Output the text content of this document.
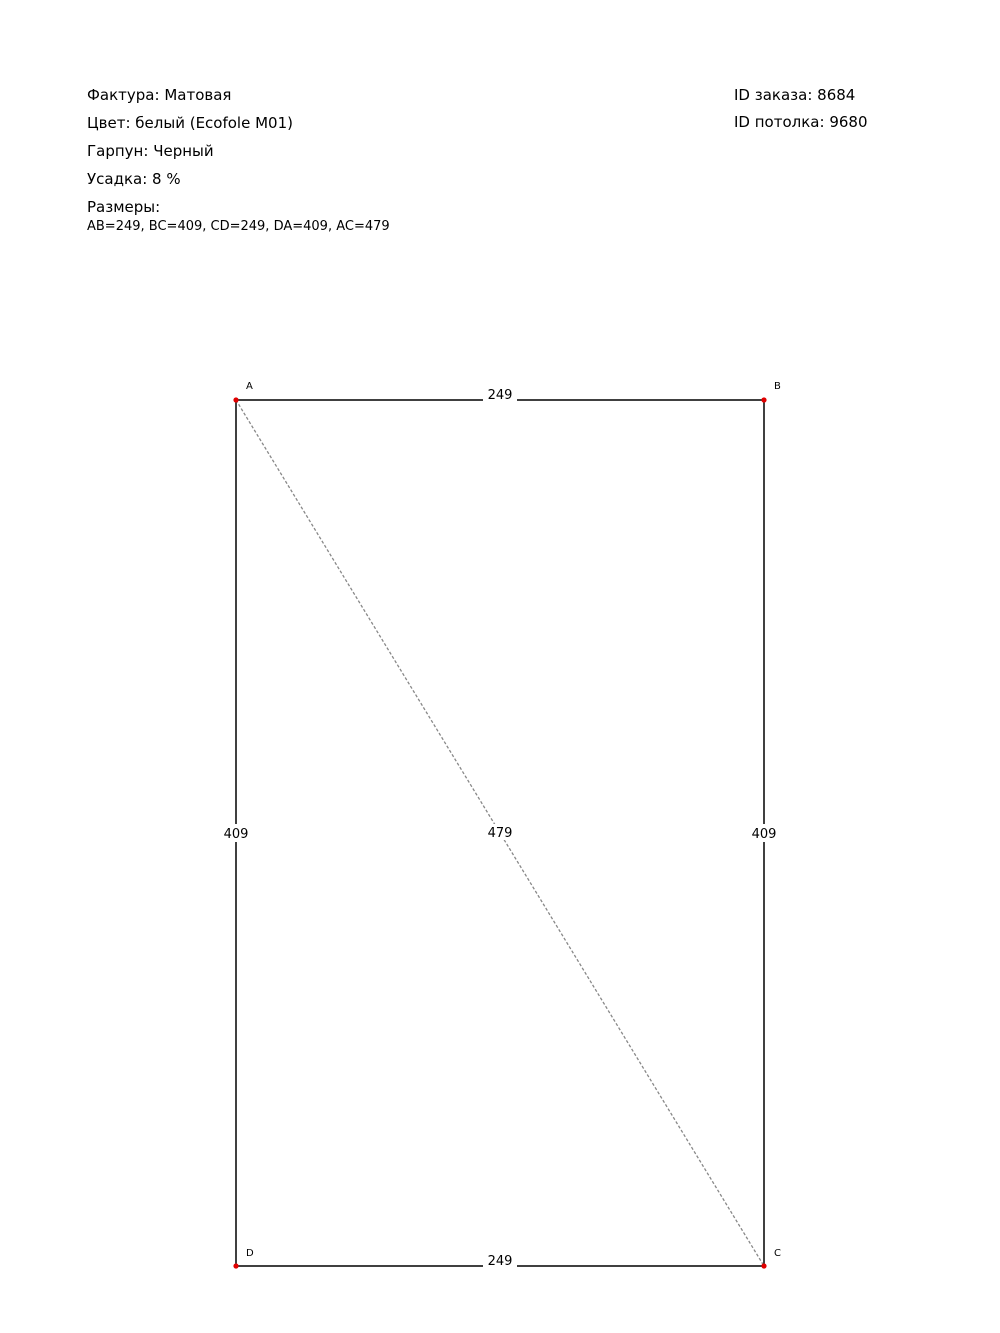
Фактура: Матовая
Цвет: белый (Ecofole M01)
Гарпун: Черный
Усадка: 8 %
Размеры:
AB=249, BC=409, CD=249, DA=409, AC=479
ID заказа: 8684
ID потолка: 9680
479
249
409
249
409
A	B
C
D
